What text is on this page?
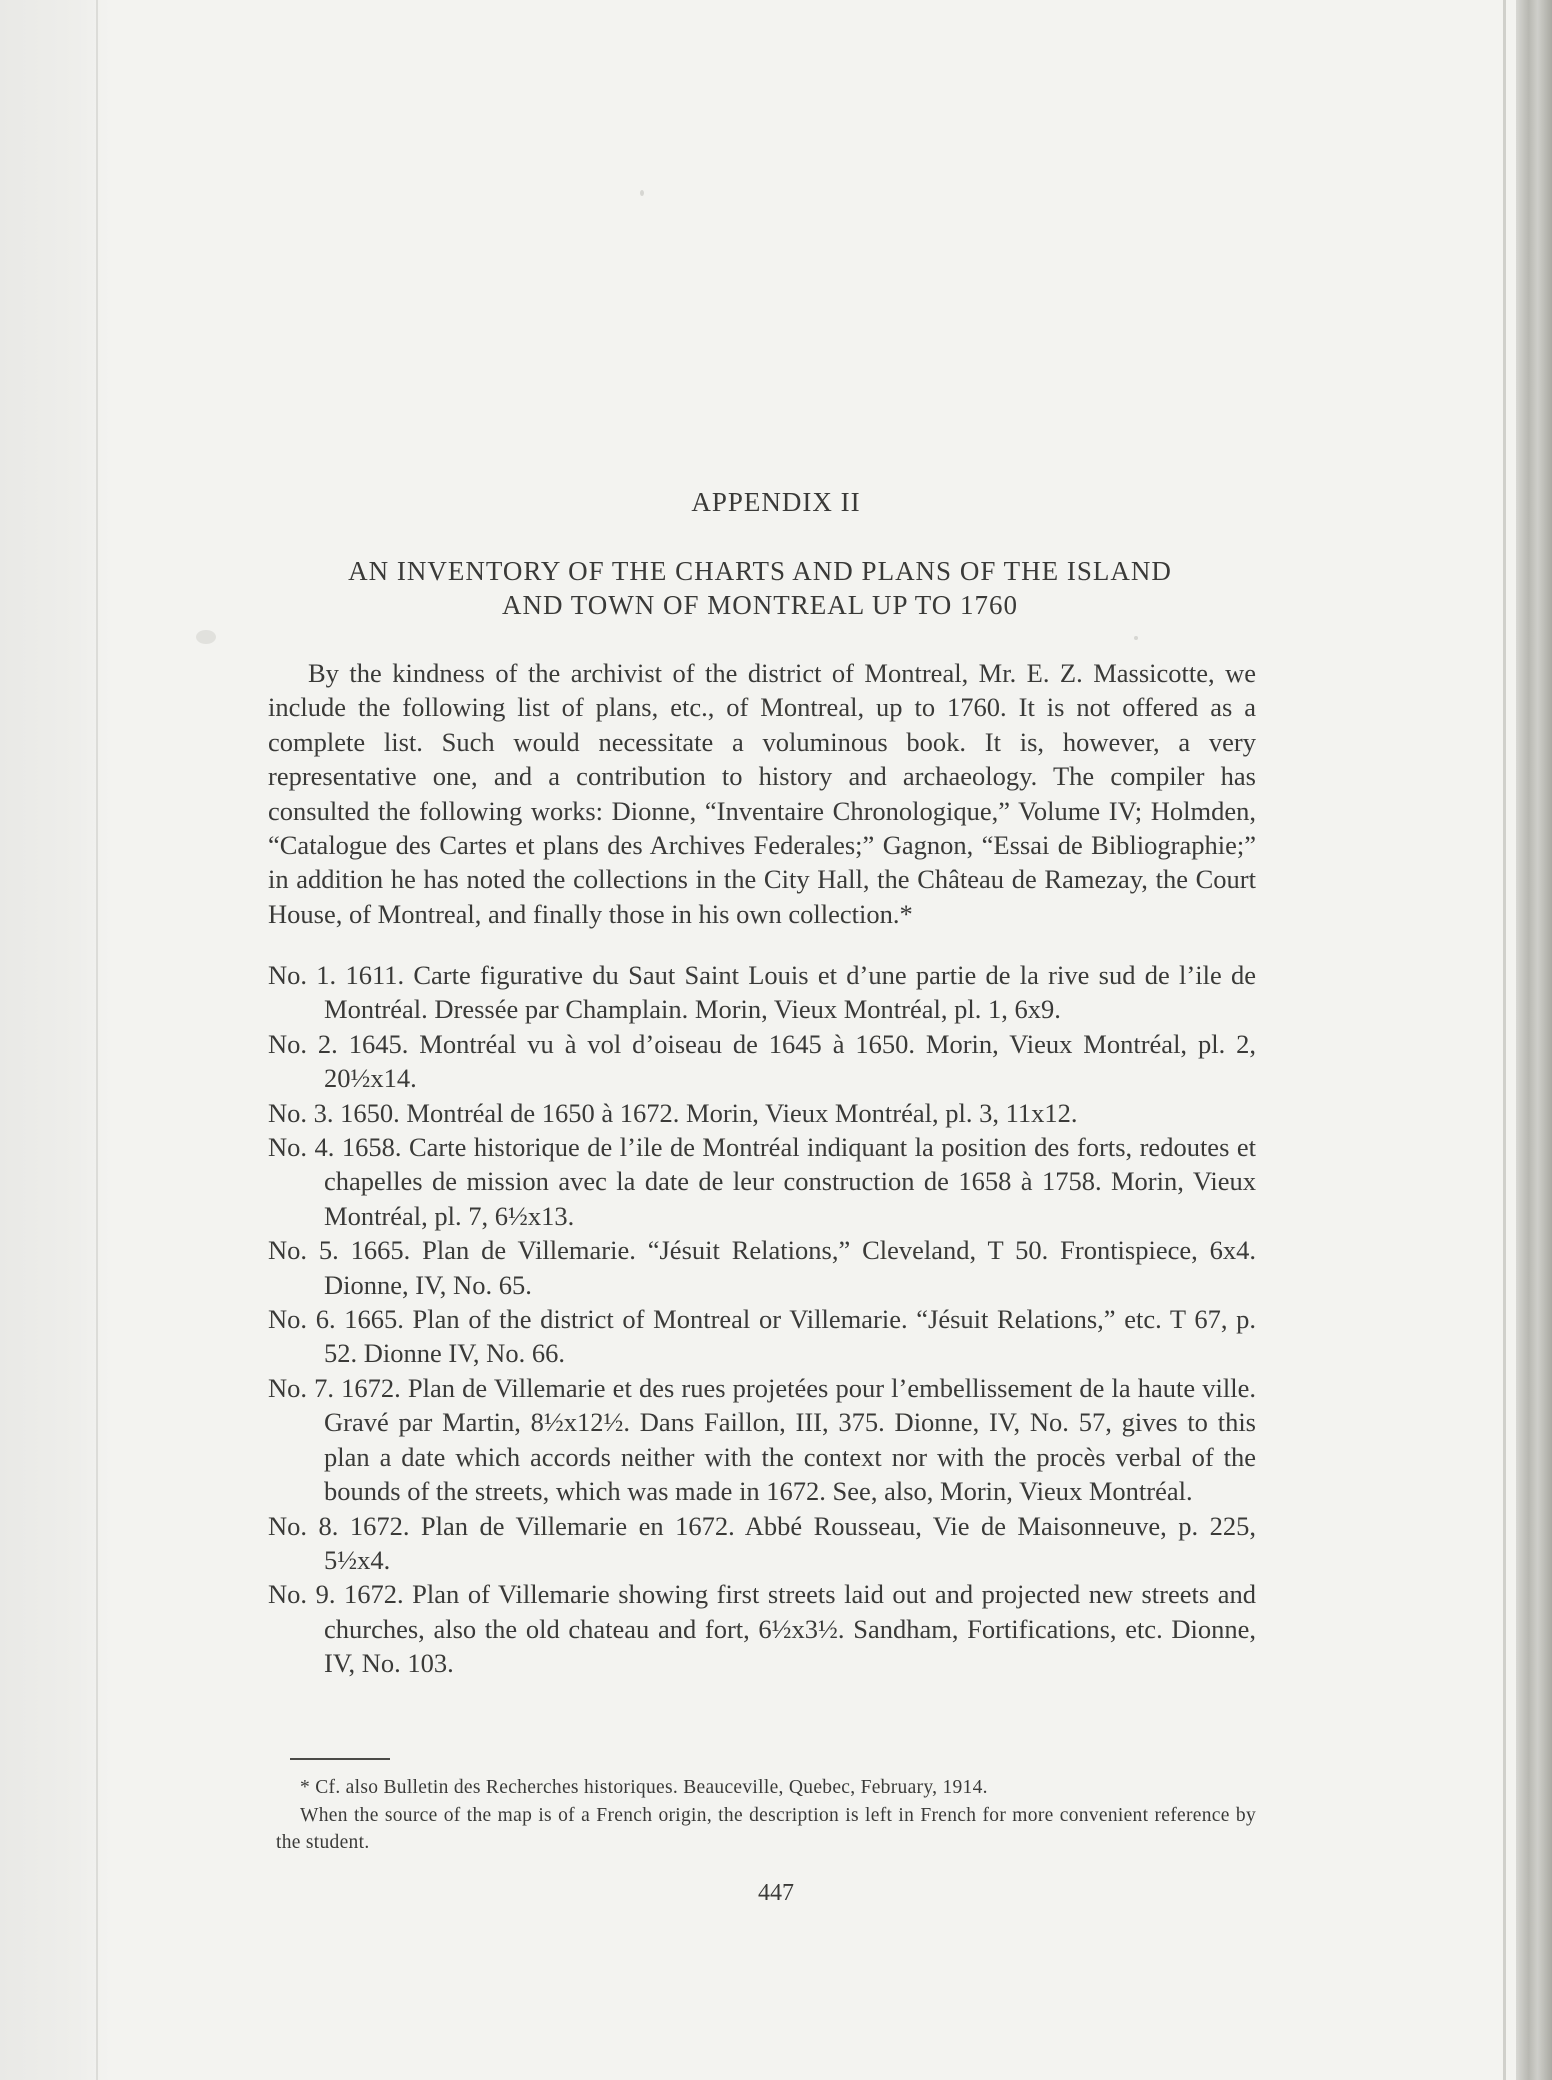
APPENDIX II
AN INVENTORY OF THE CHARTS AND PLANS OF THE ISLAND
AND TOWN OF MONTREAL UP TO 1760

By the kindness of the archivist of the district of Montreal, Mr. E. Z. Massicotte, we include the following list of plans, etc., of Montreal, up to 1760. It is not offered as a complete list. Such would necessitate a voluminous book. It is, however, a very representative one, and a contribution to history and archaeology. The compiler has consulted the following works: Dionne, “Inventaire Chronologique,” Volume IV; Holmden, “Catalogue des Cartes et plans des Archives Federales;” Gagnon, “Essai de Bibliographie;” in addition he has noted the collections in the City Hall, the Château de Ramezay, the Court House, of Montreal, and finally those in his own collection.*

No. 1. 1611. Carte figurative du Saut Saint Louis et d’une partie de la rive sud de l’ile de Montréal. Dressée par Champlain. Morin, Vieux Montréal, pl. 1, 6x9.
No. 2. 1645. Montréal vu à vol d’oiseau de 1645 à 1650. Morin, Vieux Montréal, pl. 2, 20½x14.
No. 3. 1650. Montréal de 1650 à 1672. Morin, Vieux Montréal, pl. 3, 11x12.
No. 4. 1658. Carte historique de l’ile de Montréal indiquant la position des forts, redoutes et chapelles de mission avec la date de leur construction de 1658 à 1758. Morin, Vieux Montréal, pl. 7, 6½x13.
No. 5. 1665. Plan de Villemarie. “Jésuit Relations,” Cleveland, T 50. Frontispiece, 6x4. Dionne, IV, No. 65.
No. 6. 1665. Plan of the district of Montreal or Villemarie. “Jésuit Relations,” etc. T 67, p. 52. Dionne IV, No. 66.
No. 7. 1672. Plan de Villemarie et des rues projetées pour l’embellissement de la haute ville. Gravé par Martin, 8½x12½. Dans Faillon, III, 375. Dionne, IV, No. 57, gives to this plan a date which accords neither with the context nor with the procès verbal of the bounds of the streets, which was made in 1672. See, also, Morin, Vieux Montréal.
No. 8. 1672. Plan de Villemarie en 1672. Abbé Rousseau, Vie de Maisonneuve, p. 225, 5½x4.
No. 9. 1672. Plan of Villemarie showing first streets laid out and projected new streets and churches, also the old chateau and fort, 6½x3½. Sandham, Fortifications, etc. Dionne, IV, No. 103.

* Cf. also Bulletin des Recherches historiques. Beauceville, Quebec, February, 1914.

When the source of the map is of a French origin, the description is left in French for more convenient reference by the student.

447
